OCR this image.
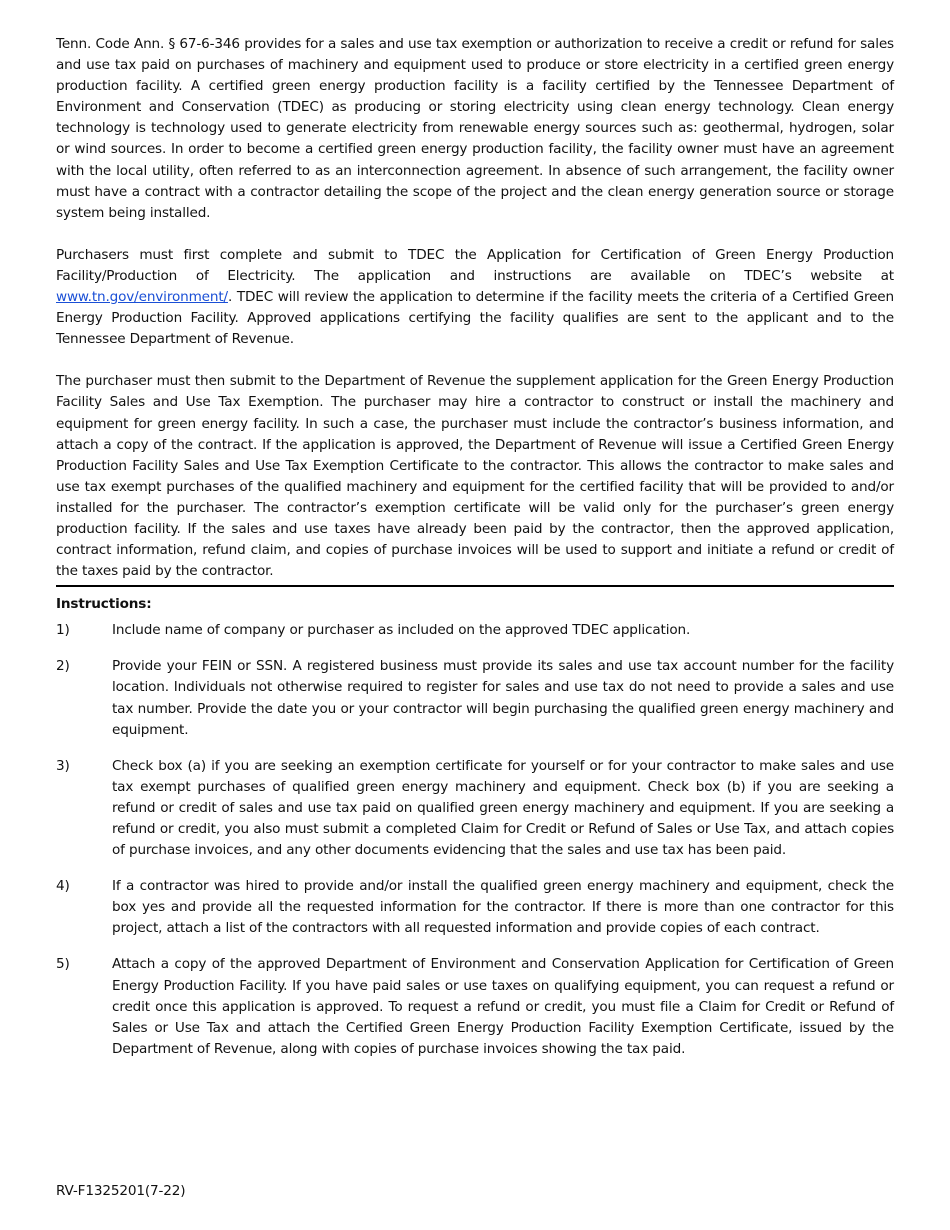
Tenn. Code Ann. § 67-6-346 provides for a sales and use tax exemption or authorization to receive a credit or refund for sales and use tax paid on purchases of machinery and equipment used to produce or store electricity in a certified green energy production facility. A certified green energy production facility is a facility certified by the Tennessee Department of Environment and Conservation (TDEC) as producing or storing electricity using clean energy technology. Clean energy technology is technology used to generate electricity from renewable energy sources such as: geothermal, hydrogen, solar or wind sources. In order to become a certified green energy production facility, the facility owner must have an agreement with the local utility, often referred to as an interconnection agreement. In absence of such arrangement, the facility owner must have a contract with a contractor detailing the scope of the project and the clean energy generation source or storage system being installed.

Purchasers must first complete and submit to TDEC the Application for Certification of Green Energy Production Facility/Production of Electricity. The application and instructions are available on TDEC’s website at www.tn.gov/environment/. TDEC will review the application to determine if the facility meets the criteria of a Certified Green Energy Production Facility. Approved applications certifying the facility qualifies are sent to the applicant and to the Tennessee Department of Revenue.

The purchaser must then submit to the Department of Revenue the supplement application for the Green Energy Production Facility Sales and Use Tax Exemption. The purchaser may hire a contractor to construct or install the machinery and equipment for green energy facility. In such a case, the purchaser must include the contractor’s business information, and attach a copy of the contract. If the application is approved, the Department of Revenue will issue a Certified Green Energy Production Facility Sales and Use Tax Exemption Certificate to the contractor. This allows the contractor to make sales and use tax exempt purchases of the qualified machinery and equipment for the certified facility that will be provided to and/or installed for the purchaser. The contractor’s exemption certificate will be valid only for the purchaser’s green energy production facility. If the sales and use taxes have already been paid by the contractor, then the approved application, contract information, refund claim, and copies of purchase invoices will be used to support and initiate a refund or credit of the taxes paid by the contractor.

Instructions:
1)	Include name of company or purchaser as included on the approved TDEC application.
2)	Provide your FEIN or SSN. A registered business must provide its sales and use tax account number for the facility location. Individuals not otherwise required to register for sales and use tax do not need to provide a sales and use tax number. Provide the date you or your contractor will begin purchasing the qualified green energy machinery and equipment.
3)	Check box (a) if you are seeking an exemption certificate for yourself or for your contractor to make sales and use tax exempt purchases of qualified green energy machinery and equipment. Check box (b) if you are seeking a refund or credit of sales and use tax paid on qualified green energy machinery and equipment. If you are seeking a refund or credit, you also must submit a completed Claim for Credit or Refund of Sales or Use Tax, and attach copies of purchase invoices, and any other documents evidencing that the sales and use tax has been paid.
4)	If a contractor was hired to provide and/or install the qualified green energy machinery and equipment, check the box yes and provide all the requested information for the contractor. If there is more than one contractor for this project, attach a list of the contractors with all requested information and provide copies of each contract.
5)	Attach a copy of the approved Department of Environment and Conservation Application for Certification of Green Energy Production Facility. If you have paid sales or use taxes on qualifying equipment, you can request a refund or credit once this application is approved. To request a refund or credit, you must file a Claim for Credit or Refund of Sales or Use Tax and attach the Certified Green Energy Production Facility Exemption Certificate, issued by the Department of Revenue, along with copies of purchase invoices showing the tax paid.
RV-F1325201(7-22)
